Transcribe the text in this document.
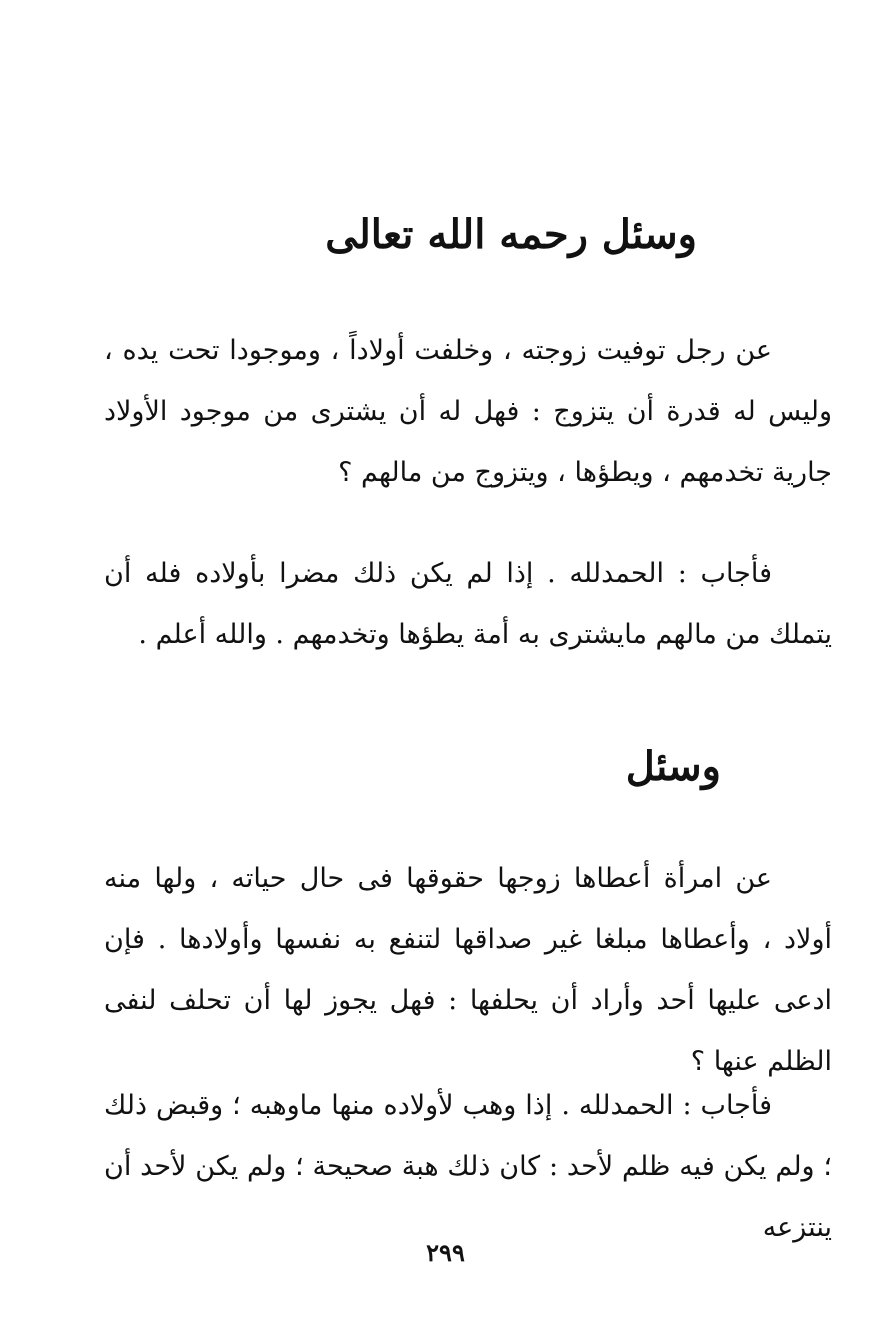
وسئل رحمه الله تعالى

عن رجل توفيت زوجته ، وخلفت أولاداً ، وموجودا تحت يده ، وليس له قدرة أن يتزوج : فهل له أن يشترى من موجود الأولاد جارية تخدمهم ، ويطؤها ، ويتزوج من مالهم ؟

فأجاب : الحمدلله . إذا لم يكن ذلك مضرا بأولاده فله أن يتملك من مالهم مايشترى به أمة يطؤها وتخدمهم . والله أعلم .

وسئل

عن امرأة أعطاها زوجها حقوقها فى حال حياته ، ولها منه أولاد ، وأعطاها مبلغا غير صداقها لتنفع به نفسها وأولادها . فإن ادعى عليها أحد وأراد أن يحلفها : فهل يجوز لها أن تحلف لنفى الظلم عنها ؟

فأجاب : الحمدلله . إذا وهب لأولاده منها ماوهبه ؛ وقبض ذلك ؛ ولم يكن فيه ظلم لأحد : كان ذلك هبة صحيحة ؛ ولم يكن لأحد أن ينتزعه

٢٩٩
